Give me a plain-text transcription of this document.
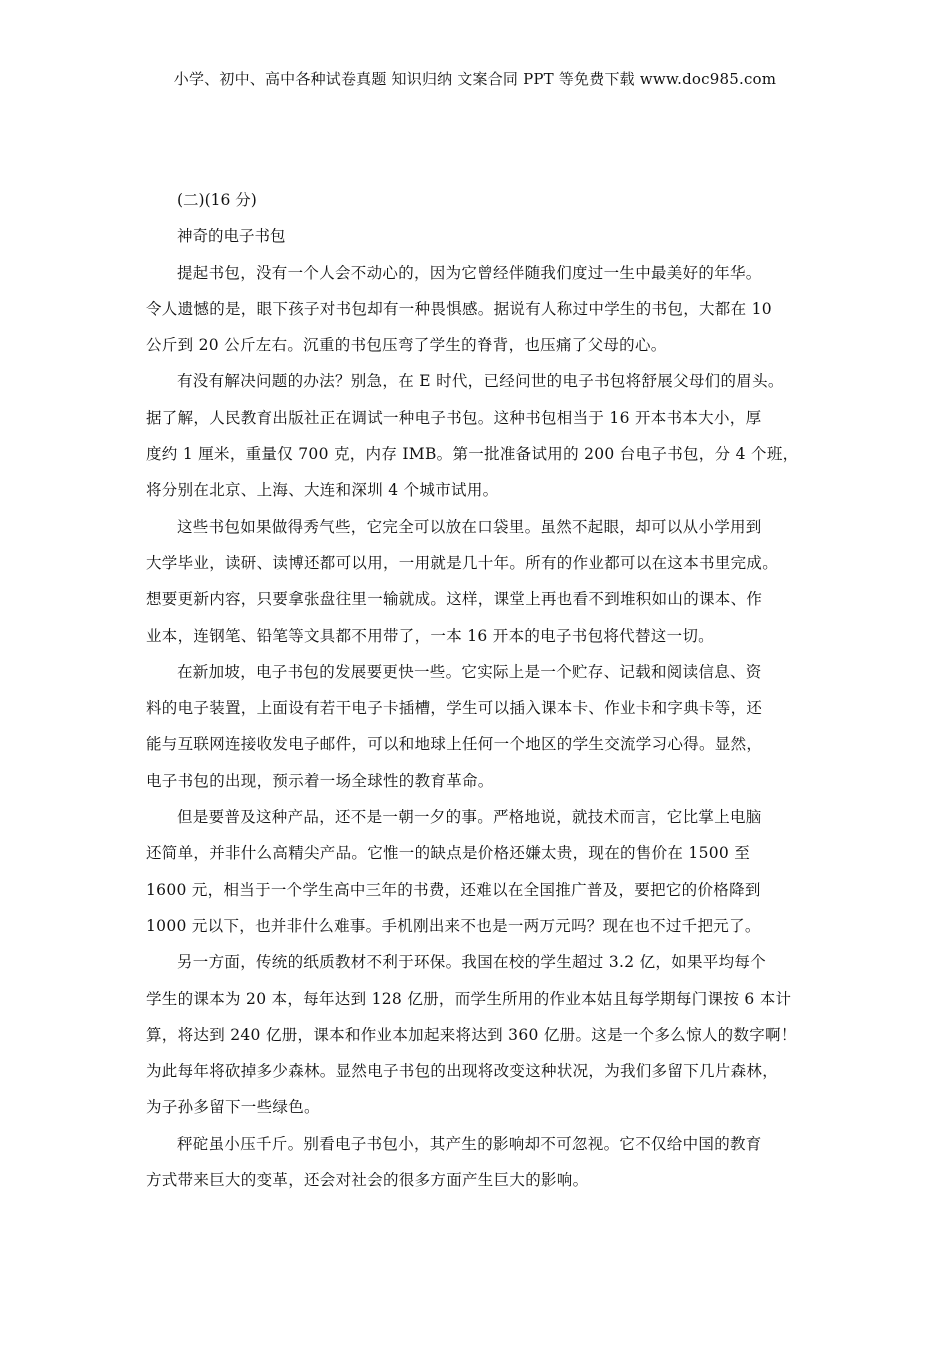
小学、初中、高中各种试卷真题 知识归纳 文案合同 PPT 等免费下载 www.doc985.com
(二)(16 分)
神奇的电子书包
提起书包，没有一个人会不动心的，因为它曾经伴随我们度过一生中最美好的年华。
令人遗憾的是，眼下孩子对书包却有一种畏惧感。据说有人称过中学生的书包，大都在 10
公斤到 20 公斤左右。沉重的书包压弯了学生的脊背，也压痛了父母的心。
有没有解决问题的办法？别急，在 E 时代，已经问世的电子书包将舒展父母们的眉头。
据了解，人民教育出版社正在调试一种电子书包。这种书包相当于 16 开本书本大小，厚
度约 1 厘米，重量仅 700 克，内存 IMB。第一批准备试用的 200 台电子书包，分 4 个班，
将分别在北京、上海、大连和深圳 4 个城市试用。
这些书包如果做得秀气些，它完全可以放在口袋里。虽然不起眼，却可以从小学用到
大学毕业，读研、读博还都可以用，一用就是几十年。所有的作业都可以在这本书里完成。
想要更新内容，只要拿张盘往里一输就成。这样，课堂上再也看不到堆积如山的课本、作
业本，连钢笔、铅笔等文具都不用带了，一本 16 开本的电子书包将代替这一切。
在新加坡，电子书包的发展要更快一些。它实际上是一个贮存、记载和阅读信息、资
料的电子装置，上面设有若干电子卡插槽，学生可以插入课本卡、作业卡和字典卡等，还
能与互联网连接收发电子邮件，可以和地球上任何一个地区的学生交流学习心得。显然，
电子书包的出现，预示着一场全球性的教育革命。
但是要普及这种产品，还不是一朝一夕的事。严格地说，就技术而言，它比掌上电脑
还简单，并非什么高精尖产品。它惟一的缺点是价格还嫌太贵，现在的售价在 1500 至
1600 元，相当于一个学生高中三年的书费，还难以在全国推广普及，要把它的价格降到
1000 元以下，也并非什么难事。手机刚出来不也是一两万元吗？现在也不过千把元了。
另一方面，传统的纸质教材不利于环保。我国在校的学生超过 3.2 亿，如果平均每个
学生的课本为 20 本，每年达到 128 亿册，而学生所用的作业本姑且每学期每门课按 6 本计
算，将达到 240 亿册，课本和作业本加起来将达到 360 亿册。这是一个多么惊人的数字啊！
为此每年将砍掉多少森林。显然电子书包的出现将改变这种状况，为我们多留下几片森林，
为子孙多留下一些绿色。
秤砣虽小压千斤。别看电子书包小，其产生的影响却不可忽视。它不仅给中国的教育
方式带来巨大的变革，还会对社会的很多方面产生巨大的影响。
